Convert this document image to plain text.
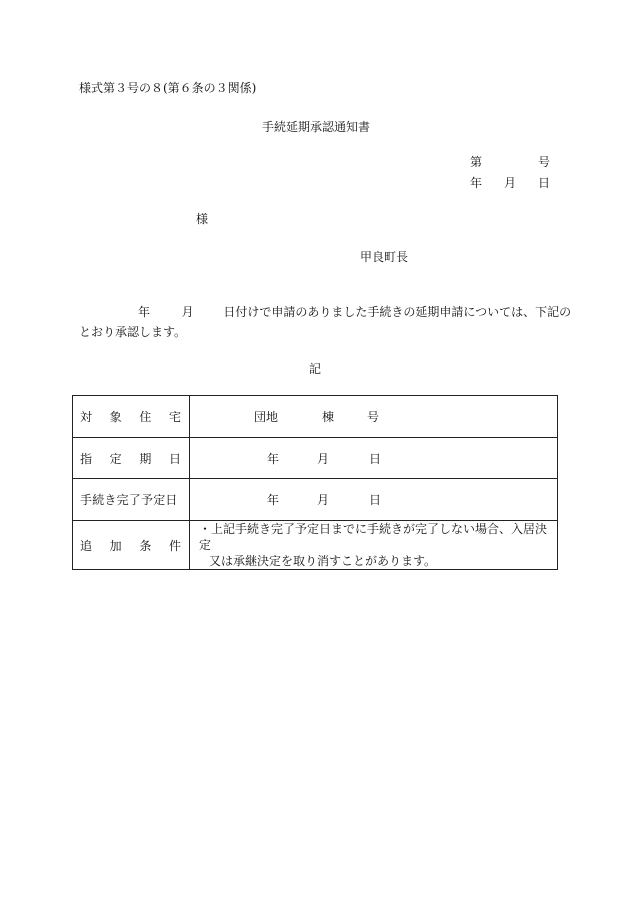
様式第３号の８(第６条の３関係)
手続延期承認通知書
第	号
年 月 日
様
甲良町長
年	月 日付けで申請のありました手続きの延期申請については、下記の
とおり承認します。
記
対 象 住 宅	団地 棟 号

指 定 期 日	年 月 日

手続き完了予定日	年 月 日

追 加 条 件	・上記手続き完了予定日までに手続きが完了しない場合、入居決定
又は承継決定を取り消すことがあります。
